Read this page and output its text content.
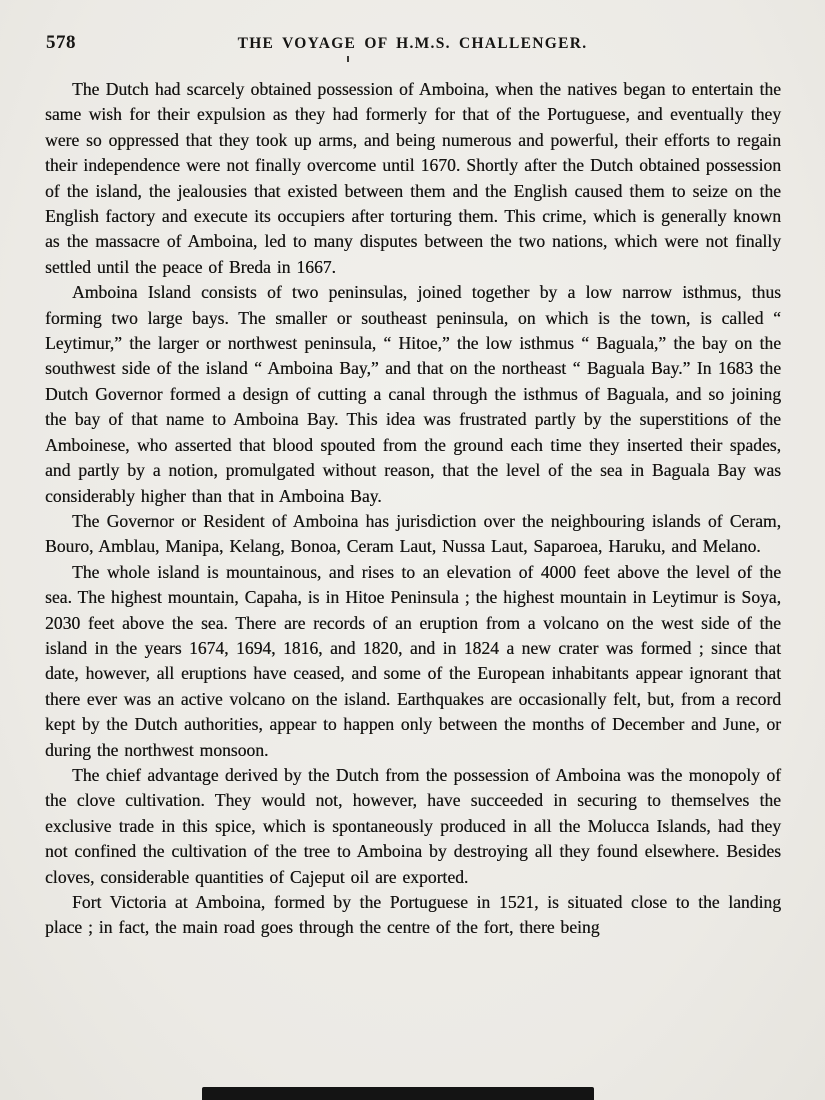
578	THE VOYAGE OF H.M.S. CHALLENGER.

The Dutch had scarcely obtained possession of Amboina, when the natives began to entertain the same wish for their expulsion as they had formerly for that of the Portuguese, and eventually they were so oppressed that they took up arms, and being numerous and powerful, their efforts to regain their independence were not finally overcome until 1670. Shortly after the Dutch obtained possession of the island, the jealousies that existed between them and the English caused them to seize on the English factory and execute its occupiers after torturing them. This crime, which is generally known as the massacre of Amboina, led to many disputes between the two nations, which were not finally settled until the peace of Breda in 1667.

Amboina Island consists of two peninsulas, joined together by a low narrow isthmus, thus forming two large bays. The smaller or southeast peninsula, on which is the town, is called “ Leytimur,” the larger or northwest peninsula, “ Hitoe,” the low isthmus “ Baguala,” the bay on the southwest side of the island “ Amboina Bay,” and that on the northeast “ Baguala Bay.” In 1683 the Dutch Governor formed a design of cutting a canal through the isthmus of Baguala, and so joining the bay of that name to Amboina Bay. This idea was frustrated partly by the superstitions of the Amboinese, who asserted that blood spouted from the ground each time they inserted their spades, and partly by a notion, promulgated without reason, that the level of the sea in Baguala Bay was considerably higher than that in Amboina Bay.

The Governor or Resident of Amboina has jurisdiction over the neighbouring islands of Ceram, Bouro, Amblau, Manipa, Kelang, Bonoa, Ceram Laut, Nussa Laut, Saparoea, Haruku, and Melano.

The whole island is mountainous, and rises to an elevation of 4000 feet above the level of the sea. The highest mountain, Capaha, is in Hitoe Peninsula ; the highest mountain in Leytimur is Soya, 2030 feet above the sea. There are records of an eruption from a volcano on the west side of the island in the years 1674, 1694, 1816, and 1820, and in 1824 a new crater was formed ; since that date, however, all eruptions have ceased, and some of the European inhabitants appear ignorant that there ever was an active volcano on the island. Earthquakes are occasionally felt, but, from a record kept by the Dutch authorities, appear to happen only between the months of December and June, or during the northwest monsoon.

The chief advantage derived by the Dutch from the possession of Amboina was the monopoly of the clove cultivation. They would not, however, have succeeded in securing to themselves the exclusive trade in this spice, which is spontaneously produced in all the Molucca Islands, had they not confined the cultivation of the tree to Amboina by destroying all they found elsewhere. Besides cloves, considerable quantities of Cajeput oil are exported.

Fort Victoria at Amboina, formed by the Portuguese in 1521, is situated close to the landing place ; in fact, the main road goes through the centre of the fort, there being
